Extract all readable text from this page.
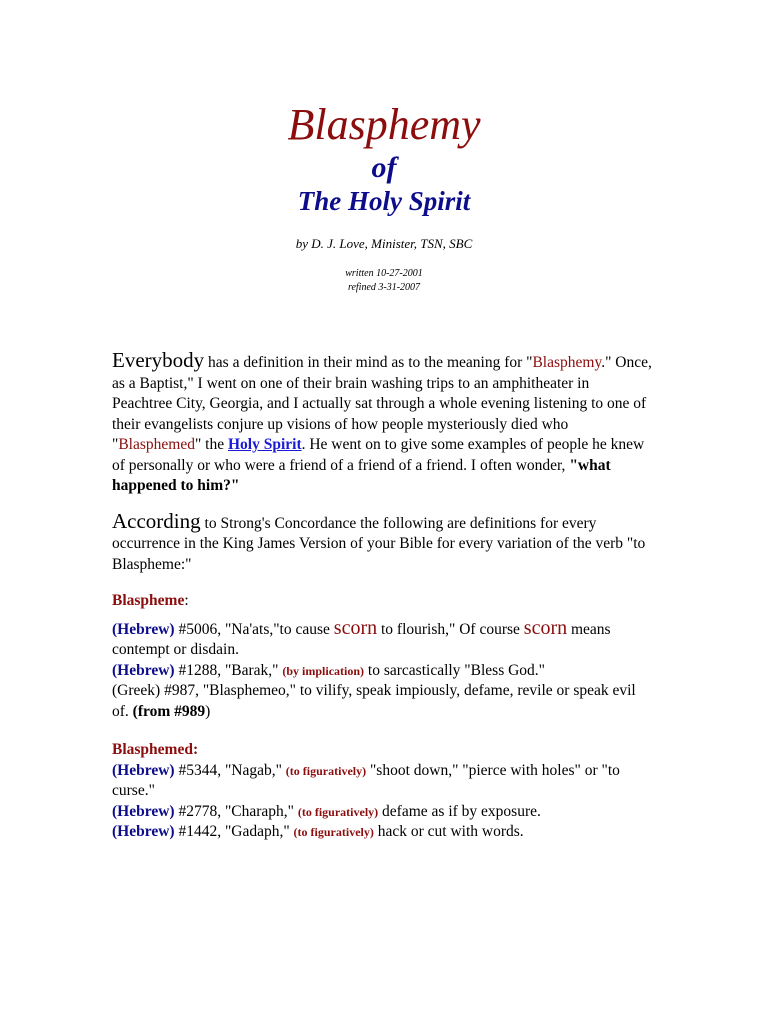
Blasphemy
of
The Holy Spirit

by D. J. Love, Minister, TSN, SBC

written 10-27-2001
refined 3-31-2007

Everybody has a definition in their mind as to the meaning for "Blasphemy." Once, as a Baptist," I went on one of their brain washing trips to an amphitheater in Peachtree City, Georgia, and I actually sat through a whole evening listening to one of their evangelists conjure up visions of how people mysteriously died who "Blasphemed" the Holy Spirit. He went on to give some examples of people he knew of personally or who were a friend of a friend of a friend. I often wonder, "what happened to him?"

According to Strong's Concordance the following are definitions for every occurrence in the King James Version of your Bible for every variation of the verb "to Blaspheme:"

Blaspheme:

(Hebrew) #5006, "Na'ats,"to cause scorn to flourish," Of course scorn means contempt or disdain.

(Hebrew) #1288, "Barak," (by implication) to sarcastically "Bless God."

(Greek) #987, "Blasphemeo," to vilify, speak impiously, defame, revile or speak evil of. (from #989)

Blasphemed:

(Hebrew) #5344, "Nagab," (to figuratively) "shoot down," "pierce with holes" or "to curse."

(Hebrew) #2778, "Charaph," (to figuratively) defame as if by exposure.

(Hebrew) #1442, "Gadaph," (to figuratively) hack or cut with words.
